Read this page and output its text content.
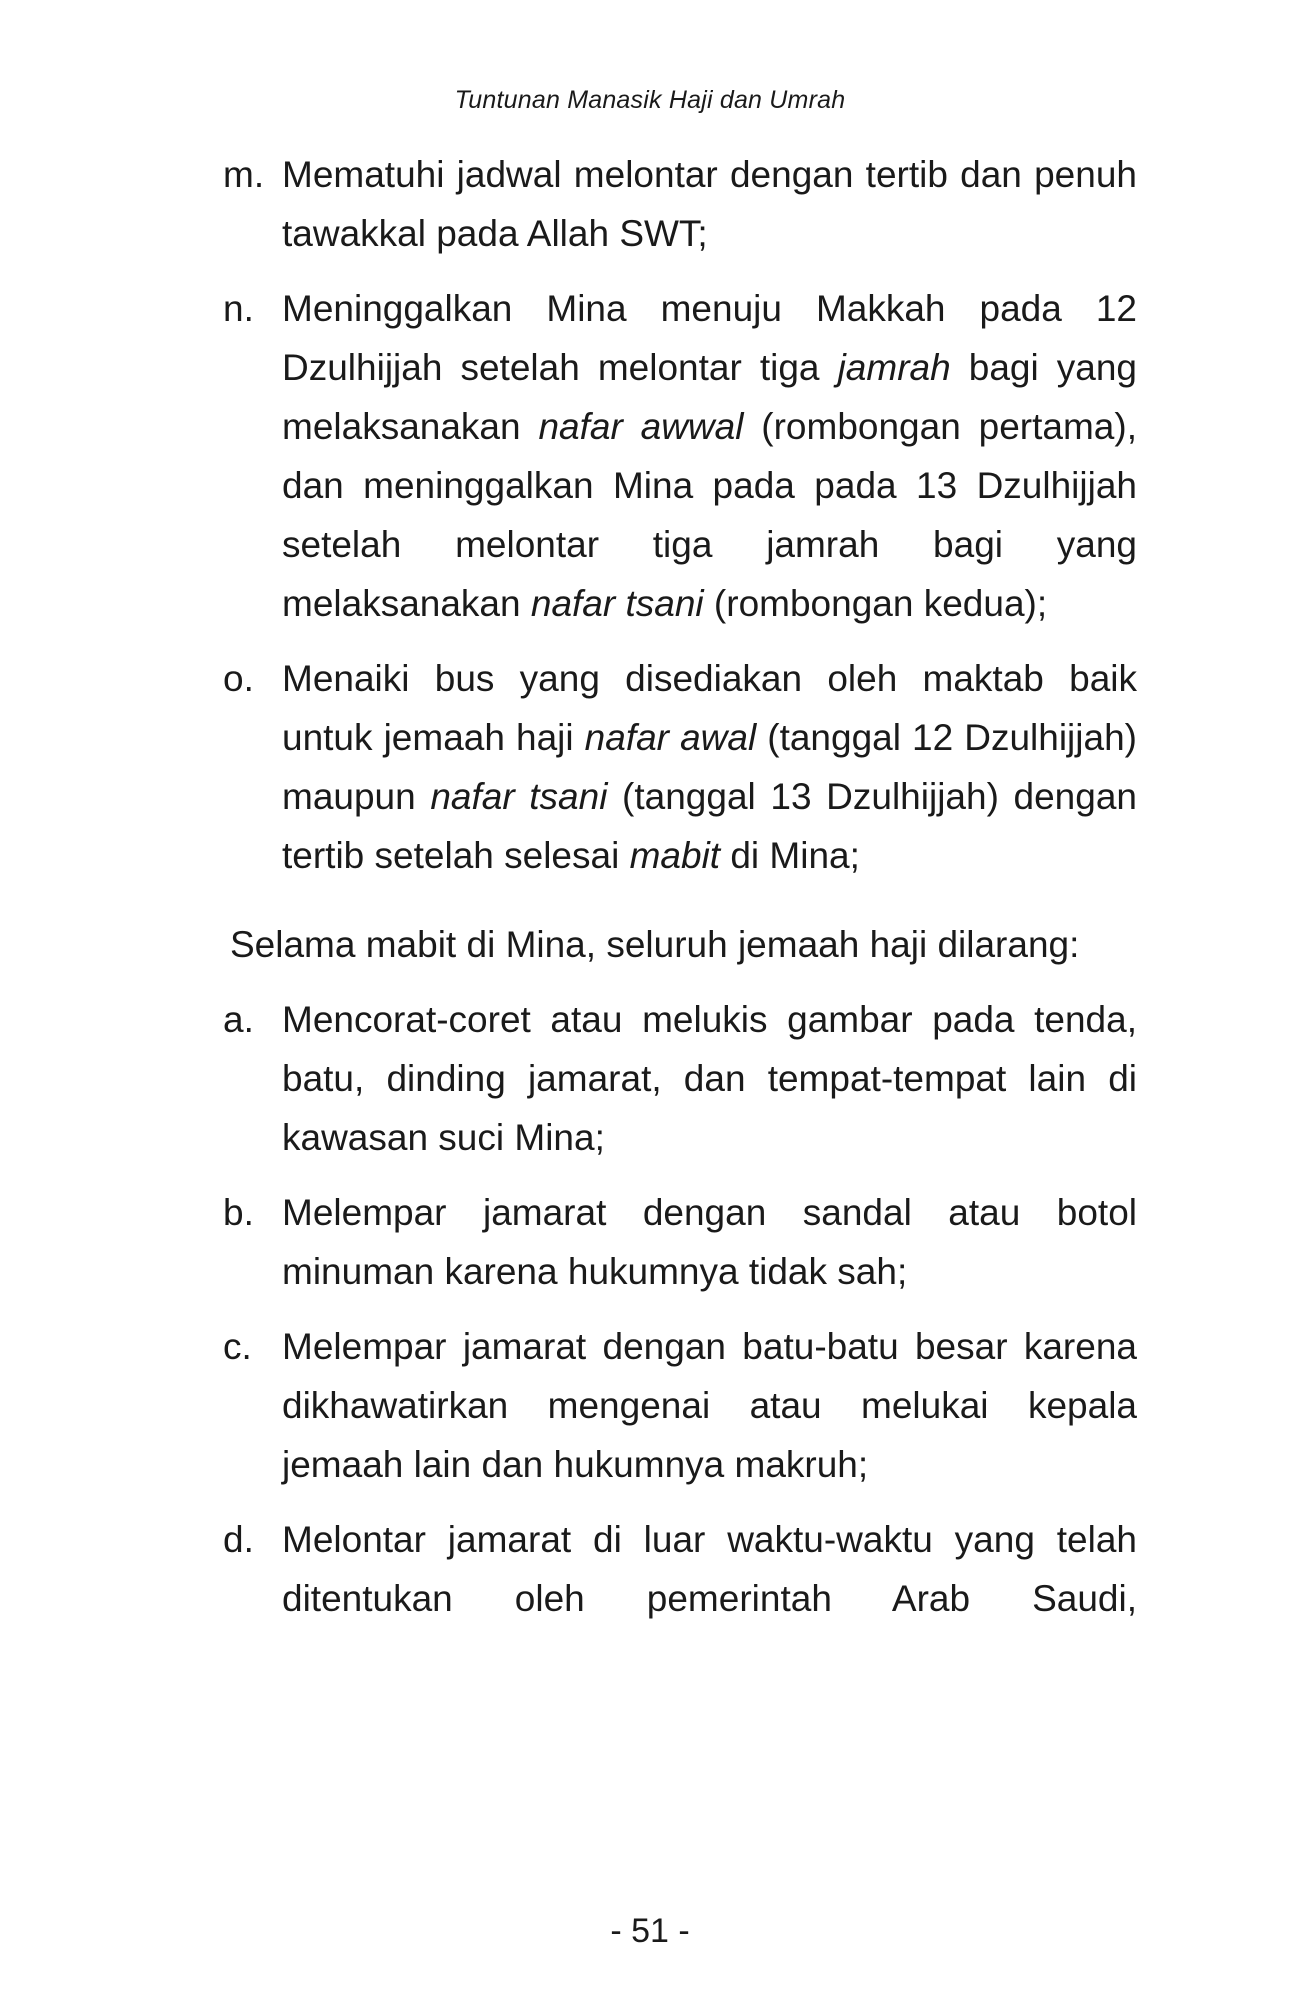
Tuntunan Manasik Haji dan Umrah
m. Mematuhi jadwal melontar dengan tertib dan penuh tawakkal pada Allah SWT;
n. Meninggalkan Mina menuju Makkah pada 12 Dzulhijjah setelah melontar tiga jamrah bagi yang melaksanakan nafar awwal (rombongan pertama), dan meninggalkan Mina pada pada 13 Dzulhijjah setelah melontar tiga jamrah bagi yang melaksanakan nafar tsani (rombongan kedua);
o. Menaiki bus yang disediakan oleh maktab baik untuk jemaah haji nafar awal (tanggal 12 Dzulhijjah) maupun nafar tsani (tanggal 13 Dzulhijjah) dengan tertib setelah selesai mabit di Mina;

Selama mabit di Mina, seluruh jemaah haji dilarang:

a. Mencorat-coret atau melukis gambar pada tenda, batu, dinding jamarat, dan tempat-tempat lain di kawasan suci Mina;
b. Melempar jamarat dengan sandal atau botol minuman karena hukumnya tidak sah;
c. Melempar jamarat dengan batu-batu besar karena dikhawatirkan mengenai atau melukai kepala jemaah lain dan hukumnya makruh;
d. Melontar jamarat di luar waktu-waktu yang telah ditentukan oleh pemerintah Arab Saudi,
- 51 -
